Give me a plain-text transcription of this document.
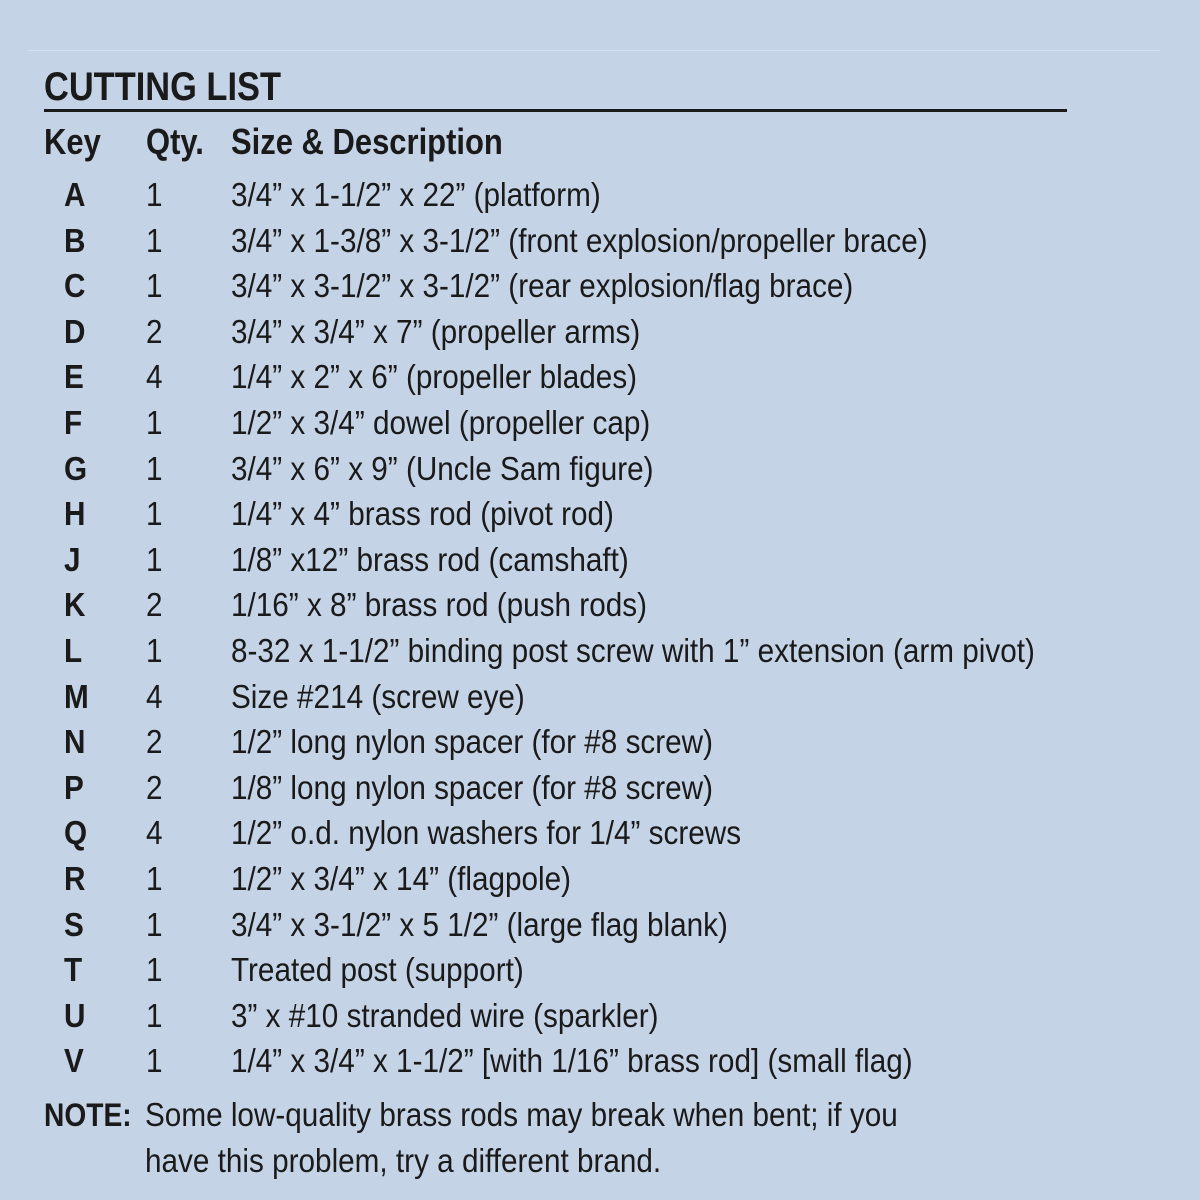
CUTTING LIST
Key Qty. Size & Description
A 1 3/4” x 1-1/2” x 22” (platform)
B 1 3/4” x 1-3/8” x 3-1/2” (front explosion/propeller brace)
C 1 3/4” x 3-1/2” x 3-1/2” (rear explosion/flag brace)
D 2 3/4” x 3/4” x 7” (propeller arms)
E 4 1/4” x 2” x 6” (propeller blades)
F 1 1/2” x 3/4” dowel (propeller cap)
G 1 3/4” x 6” x 9” (Uncle Sam figure)
H 1 1/4” x 4” brass rod (pivot rod)
J 1 1/8” x12” brass rod (camshaft)
K 2 1/16” x 8” brass rod (push rods)
L 1 8-32 x 1-1/2” binding post screw with 1” extension (arm pivot)
M 4 Size #214 (screw eye)
N 2 1/2” long nylon spacer (for #8 screw)
P 2 1/8” long nylon spacer (for #8 screw)
Q 4 1/2” o.d. nylon washers for 1/4” screws
R 1 1/2” x 3/4” x 14” (flagpole)
S 1 3/4” x 3-1/2” x 5 1/2” (large flag blank)
T 1 Treated post (support)
U 1 3” x #10 stranded wire (sparkler)
V 1 1/4” x 3/4” x 1-1/2” [with 1/16” brass rod] (small flag)
NOTE: Some low-quality brass rods may break when bent; if you
have this problem, try a different brand.
